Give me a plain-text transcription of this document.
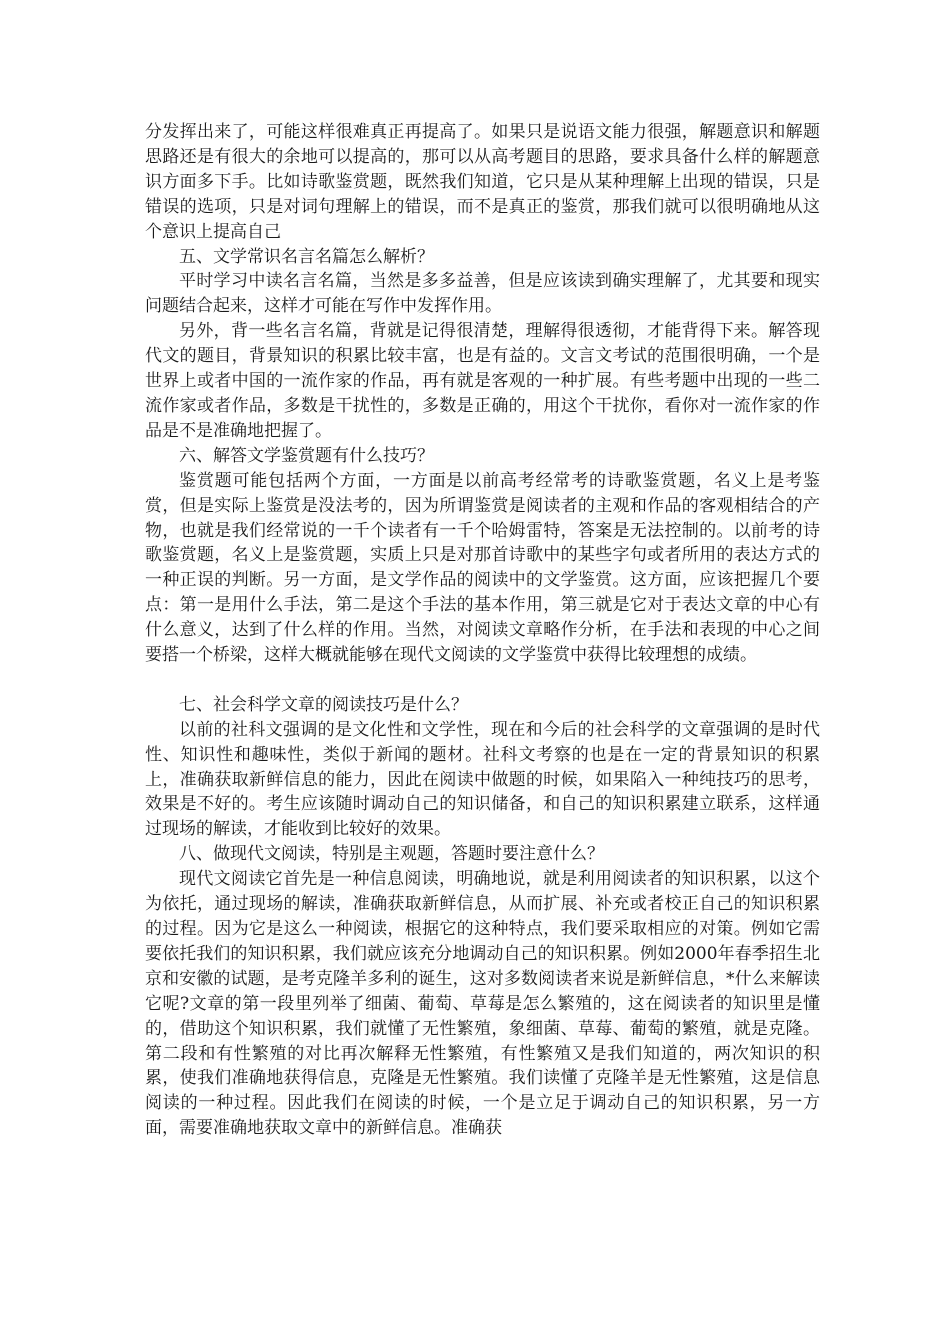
分发挥出来了，可能这样很难真正再提高了。如果只是说语文能力很强，解题意识和解题思路还是有很大的余地可以提高的，那可以从高考题目的思路，要求具备什么样的解题意识方面多下手。比如诗歌鉴赏题，既然我们知道，它只是从某种理解上出现的错误，只是错误的选项，只是对词句理解上的错误，而不是真正的鉴赏，那我们就可以很明确地从这个意识上提高自己

五、文学常识名言名篇怎么解析？

平时学习中读名言名篇，当然是多多益善，但是应该读到确实理解了，尤其要和现实问题结合起来，这样才可能在写作中发挥作用。

另外，背一些名言名篇，背就是记得很清楚，理解得很透彻，才能背得下来。解答现代文的题目，背景知识的积累比较丰富，也是有益的。文言文考试的范围很明确，一个是世界上或者中国的一流作家的作品，再有就是客观的一种扩展。有些考题中出现的一些二流作家或者作品，多数是干扰性的，多数是正确的，用这个干扰你，看你对一流作家的作品是不是准确地把握了。

六、解答文学鉴赏题有什么技巧？

鉴赏题可能包括两个方面，一方面是以前高考经常考的诗歌鉴赏题，名义上是考鉴赏，但是实际上鉴赏是没法考的，因为所谓鉴赏是阅读者的主观和作品的客观相结合的产物，也就是我们经常说的一千个读者有一千个哈姆雷特，答案是无法控制的。以前考的诗歌鉴赏题，名义上是鉴赏题，实质上只是对那首诗歌中的某些字句或者所用的表达方式的一种正误的判断。另一方面，是文学作品的阅读中的文学鉴赏。这方面，应该把握几个要点：第一是用什么手法，第二是这个手法的基本作用，第三就是它对于表达文章的中心有什么意义，达到了什么样的作用。当然，对阅读文章略作分析，在手法和表现的中心之间要搭一个桥梁，这样大概就能够在现代文阅读的文学鉴赏中获得比较理想的成绩。

七、社会科学文章的阅读技巧是什么？

以前的社科文强调的是文化性和文学性，现在和今后的社会科学的文章强调的是时代性、知识性和趣味性，类似于新闻的题材。社科文考察的也是在一定的背景知识的积累上，准确获取新鲜信息的能力，因此在阅读中做题的时候，如果陷入一种纯技巧的思考，效果是不好的。考生应该随时调动自己的知识储备，和自己的知识积累建立联系，这样通过现场的解读，才能收到比较好的效果。

八、做现代文阅读，特别是主观题，答题时要注意什么？

现代文阅读它首先是一种信息阅读，明确地说，就是利用阅读者的知识积累，以这个为依托，通过现场的解读，准确获取新鲜信息，从而扩展、补充或者校正自己的知识积累的过程。因为它是这么一种阅读，根据它的这种特点，我们要采取相应的对策。例如它需要依托我们的知识积累，我们就应该充分地调动自己的知识积累。例如2000年春季招生北京和安徽的试题，是考克隆羊多利的诞生，这对多数阅读者来说是新鲜信息，*什么来解读它呢?文章的第一段里列举了细菌、葡萄、草莓是怎么繁殖的，这在阅读者的知识里是懂的，借助这个知识积累，我们就懂了无性繁殖，象细菌、草莓、葡萄的繁殖，就是克隆。第二段和有性繁殖的对比再次解释无性繁殖，有性繁殖又是我们知道的，两次知识的积累，使我们准确地获得信息，克隆是无性繁殖。我们读懂了克隆羊是无性繁殖，这是信息阅读的一种过程。因此我们在阅读的时候，一个是立足于调动自己的知识积累，另一方面，需要准确地获取文章中的新鲜信息。准确获
